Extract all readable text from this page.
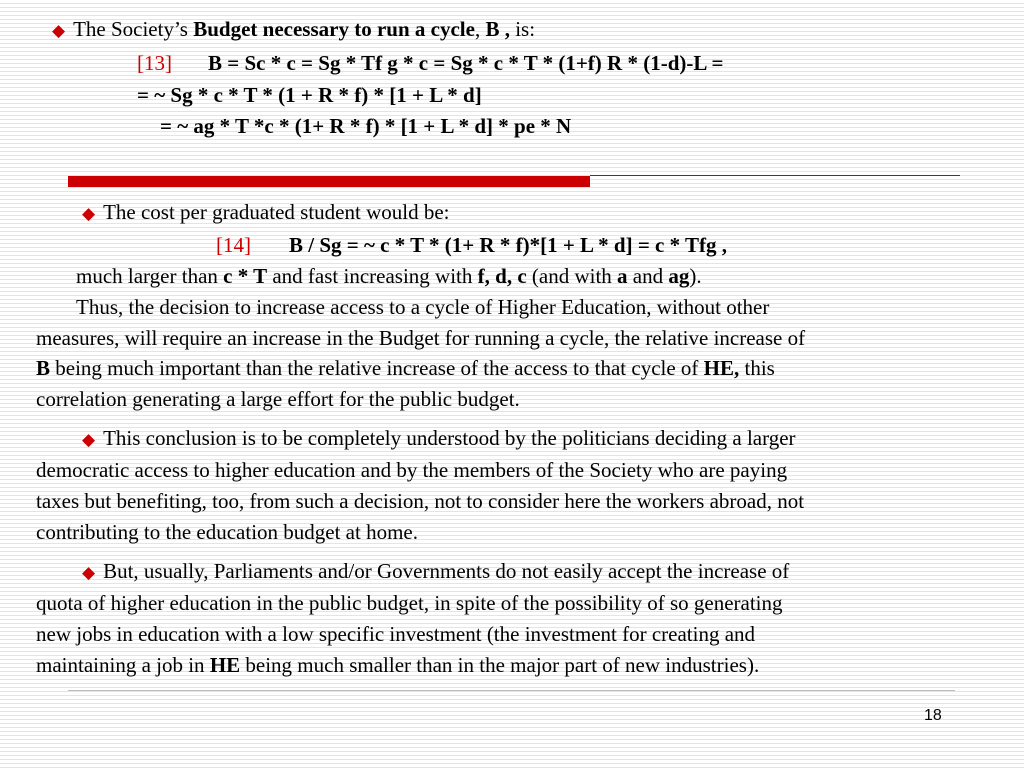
◆ The Society’s Budget necessary to run a cycle, B , is:
[13] B = Sc * c = Sg * Tf g * c = Sg * c * T * (1+f) R * (1-d)-L =
= ~ Sg * c * T * (1 + R * f) * [1 + L * d]
= ~ ag * T *c * (1+ R * f) * [1 + L * d] * pe * N
◆ The cost per graduated student would be:
[14] B / Sg = ~ c * T * (1+ R * f)*[1 + L * d] = c * Tfg ,
much larger than c * T and fast increasing with f, d, c (and with a and ag).
Thus, the decision to increase access to a cycle of Higher Education, without other
measures, will require an increase in the Budget for running a cycle, the relative increase of
B being much important than the relative increase of the access to that cycle of HE, this
correlation generating a large effort for the public budget.
◆ This conclusion is to be completely understood by the politicians deciding a larger
democratic access to higher education and by the members of the Society who are paying
taxes but benefiting, too, from such a decision, not to consider here the workers abroad, not
contributing to the education budget at home.
◆ But, usually, Parliaments and/or Governments do not easily accept the increase of
quota of higher education in the public budget, in spite of the possibility of so generating
new jobs in education with a low specific investment (the investment for creating and
maintaining a job in HE being much smaller than in the major part of new industries).
18
